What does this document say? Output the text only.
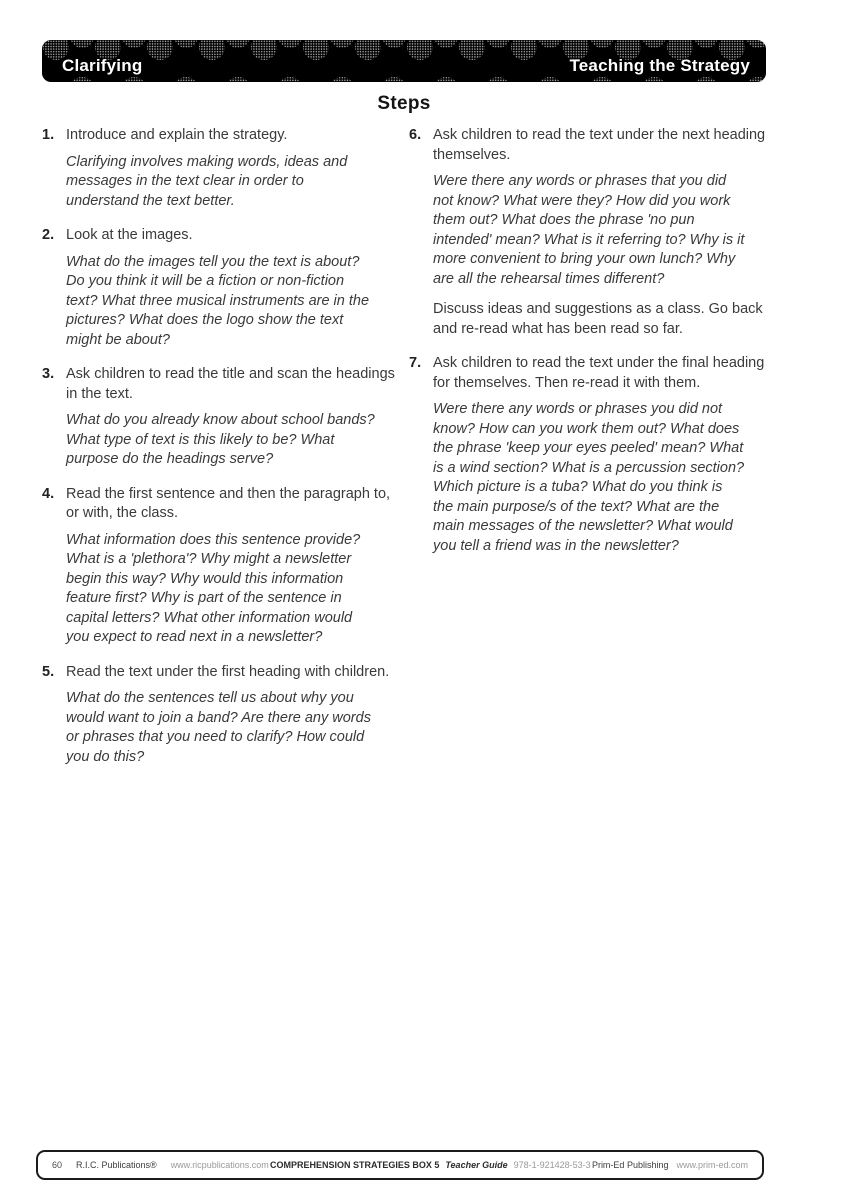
Clarifying	Teaching the Strategy
Steps
1. Introduce and explain the strategy.

Clarifying involves making words, ideas and messages in the text clear in order to understand the text better.

2. Look at the images.

What do the images tell you the text is about? Do you think it will be a fiction or non-fiction text? What three musical instruments are in the pictures? What does the logo show the text might be about?

3. Ask children to read the title and scan the headings in the text.

What do you already know about school bands? What type of text is this likely to be? What purpose do the headings serve?

4. Read the first sentence and then the paragraph to, or with, the class.

What information does this sentence provide? What is a 'plethora'? Why might a newsletter begin this way? Why would this information feature first? Why is part of the sentence in capital letters? What other information would you expect to read next in a newsletter?

5. Read the text under the first heading with children.

What do the sentences tell us about why you would want to join a band? Are there any words or phrases that you need to clarify? How could you do this?

6. Ask children to read the text under the next heading themselves.

Were there any words or phrases that you did not know? What were they? How did you work them out? What does the phrase 'no pun intended' mean? What is it referring to? Why is it more convenient to bring your own lunch? Why are all the rehearsal times different?

Discuss ideas and suggestions as a class. Go back and re-read what has been read so far.

7. Ask children to read the text under the final heading for themselves. Then re-read it with them.

Were there any words or phrases you did not know? How can you work them out? What does the phrase 'keep your eyes peeled' mean? What is a wind section? What is a percussion section? Which picture is a tuba? What do you think is the main purpose/s of the text? What are the main messages of the newsletter? What would you tell a friend was in the newsletter?

60 R.I.C. Publications® www.ricpublications.com COMPREHENSION STRATEGIES BOX 5 Teacher Guide 978-1-921428-53-3 Prim-Ed Publishing www.prim-ed.com
